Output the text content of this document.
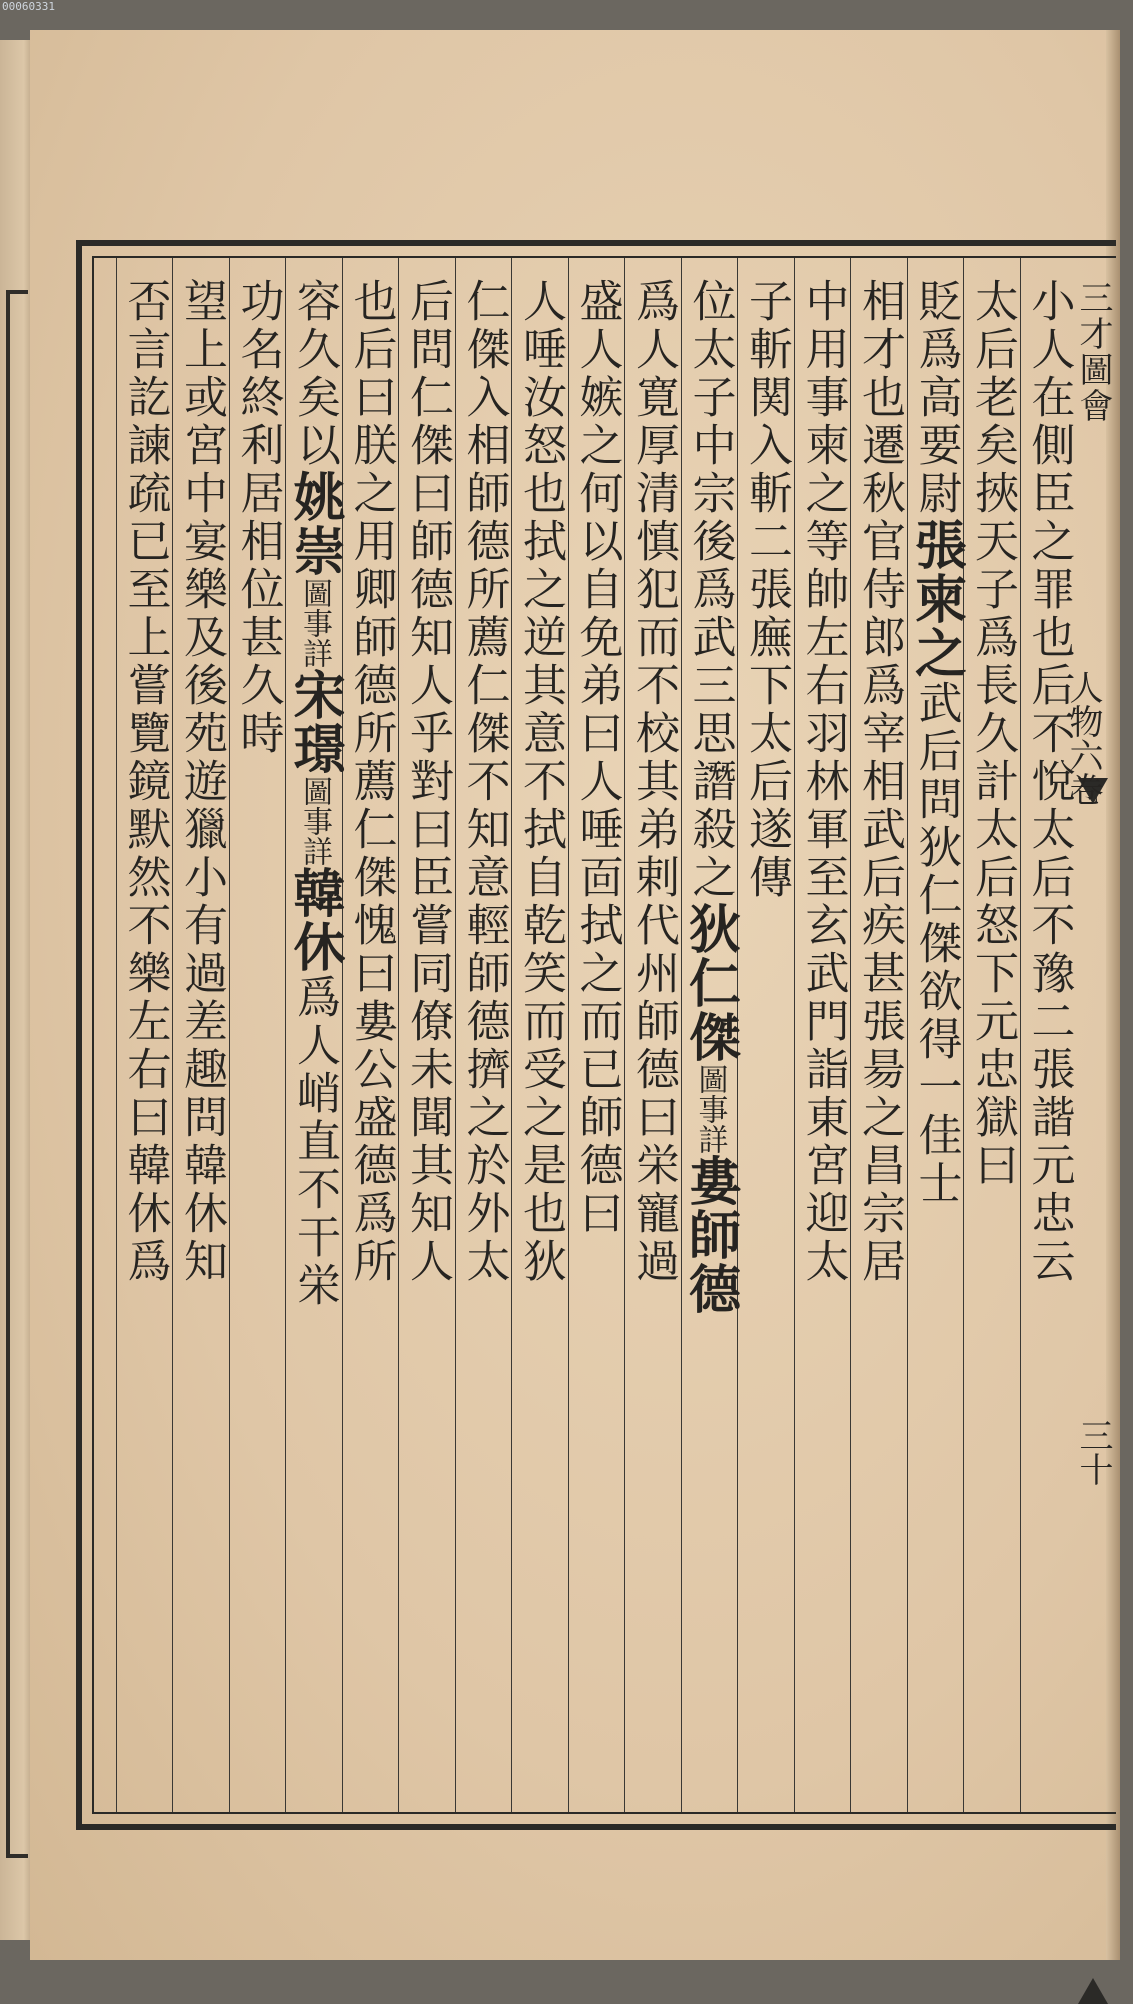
00060331
三才圖會
三十
小人在側臣之罪也后不悅太后不豫二張諧元忠云
太后老矣挾天子爲長久計太后怒下元忠獄曰
貶爲高要尉張柬之武后問狄仁傑欲得一佳士
相才也遷秋官侍郎爲宰相武后疾甚張昜之昌宗居
中用事柬之等帥左右羽林軍至玄武門詣東宮迎太
子斬関入斬二張廡下太后遂傳
位太子中宗後爲武三思譖殺之狄仁傑圖事詳婁師德
爲人寛厚清慎犯而不校其弟剌代州師德曰栄寵過
盛人嫉之何以自免弟曰人唾靣拭之而已師德曰
人唾汝怒也拭之逆其意不拭自乾笑而受之是也狄
仁傑入相師德所薦仁傑不知意輕師德擠之於外太
后問仁傑曰師德知人乎對曰臣嘗同僚未聞其知人
也后曰朕之用卿師德所薦仁傑愧曰婁公盛德爲所
容久矣以姚崇圖事詳宋璟圖事詳韓休爲人峭直不干栄
功名終利居相位甚久時
望上或宮中宴樂及後苑遊獵小有過差趣問韓休知
否言訖諫疏已至上嘗覽鏡默然不樂左右曰韓休爲	人物六卷
